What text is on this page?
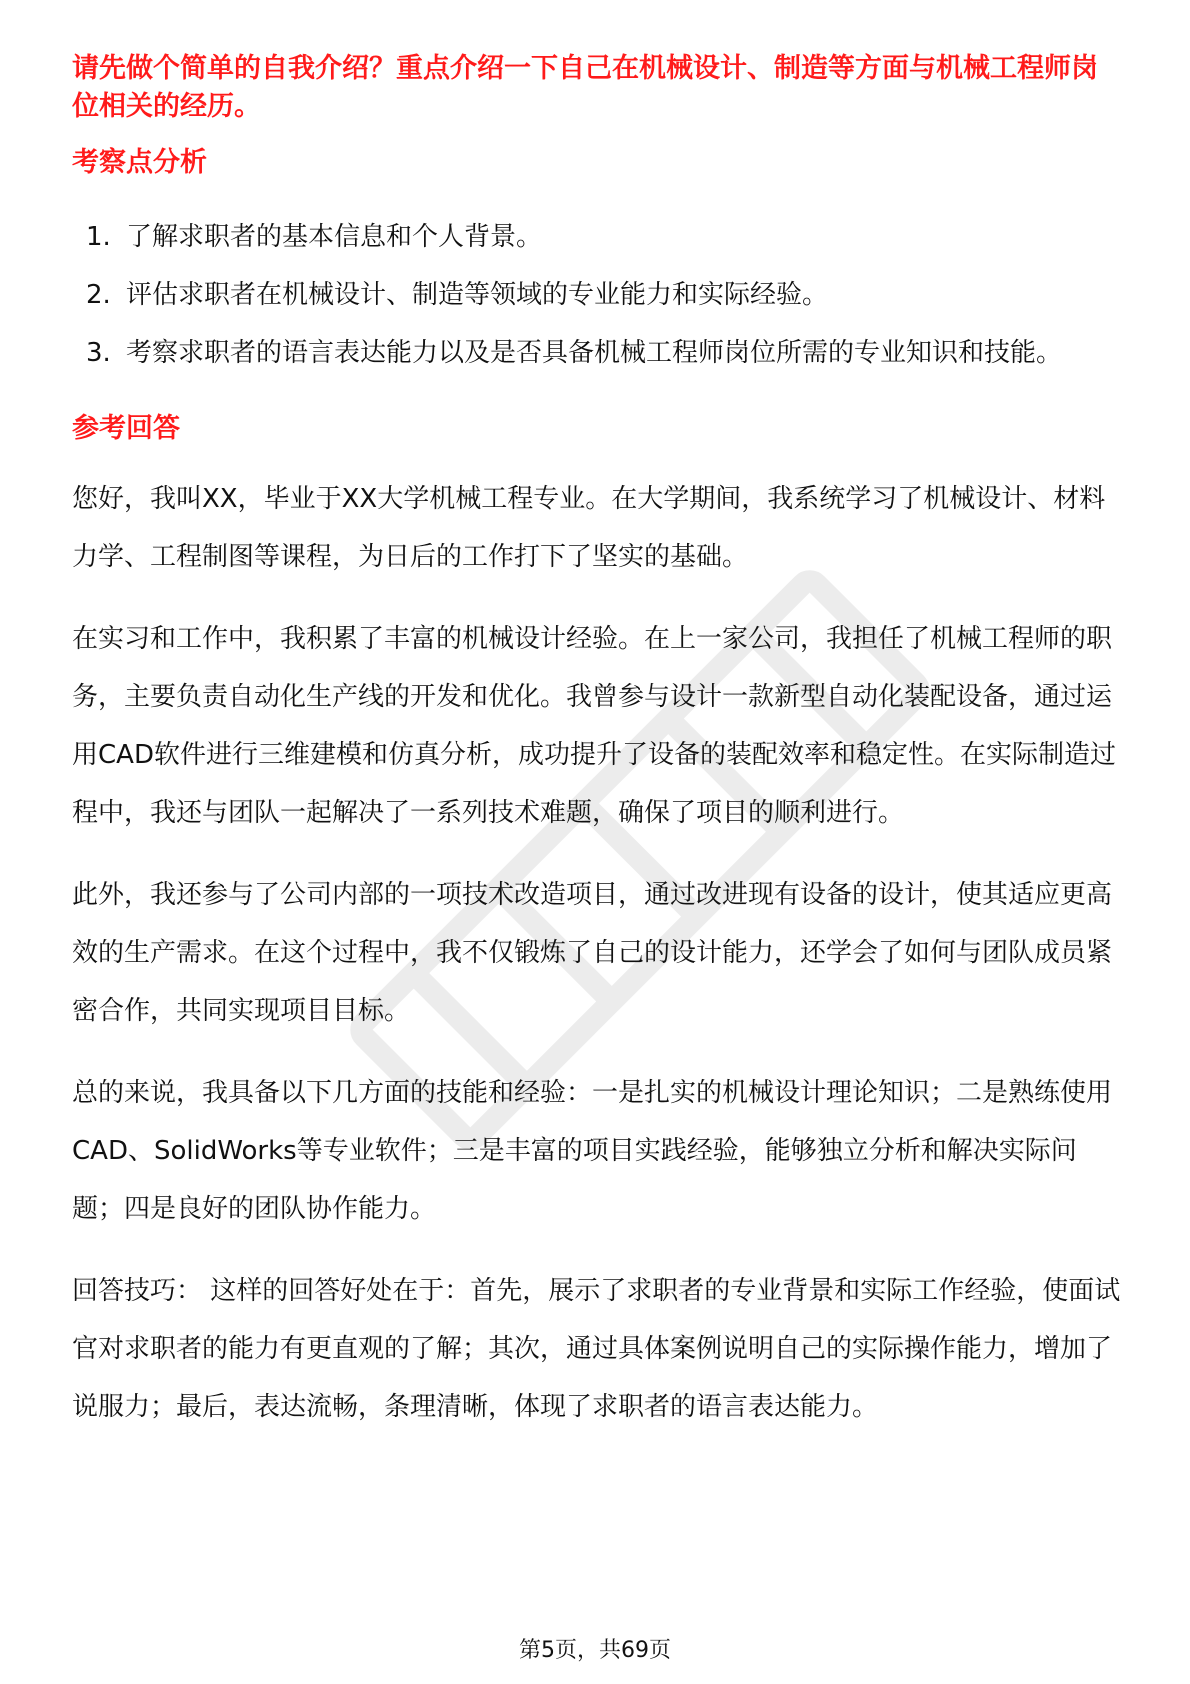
请先做个简单的自我介绍？重点介绍一下自己在机械设计、制造等方面与机械工程师岗位相关的经历。

考察点分析
1. 了解求职者的基本信息和个人背景。
2. 评估求职者在机械设计、制造等领域的专业能力和实际经验。
3. 考察求职者的语言表达能力以及是否具备机械工程师岗位所需的专业知识和技能。
参考回答

您好，我叫XX，毕业于XX大学机械工程专业。在大学期间，我系统学习了机械设计、材料力学、工程制图等课程，为日后的工作打下了坚实的基础。

在实习和工作中，我积累了丰富的机械设计经验。在上一家公司，我担任了机械工程师的职务，主要负责自动化生产线的开发和优化。我曾参与设计一款新型自动化装配设备，通过运用CAD软件进行三维建模和仿真分析，成功提升了设备的装配效率和稳定性。在实际制造过程中，我还与团队一起解决了一系列技术难题，确保了项目的顺利进行。

此外，我还参与了公司内部的一项技术改造项目，通过改进现有设备的设计，使其适应更高效的生产需求。在这个过程中，我不仅锻炼了自己的设计能力，还学会了如何与团队成员紧密合作，共同实现项目目标。

总的来说，我具备以下几方面的技能和经验：一是扎实的机械设计理论知识；二是熟练使用CAD、SolidWorks等专业软件；三是丰富的项目实践经验，能够独立分析和解决实际问题；四是良好的团队协作能力。

回答技巧： 这样的回答好处在于：首先，展示了求职者的专业背景和实际工作经验，使面试官对求职者的能力有更直观的了解；其次，通过具体案例说明自己的实际操作能力，增加了说服力；最后，表达流畅，条理清晰，体现了求职者的语言表达能力。

第5页，共69页
